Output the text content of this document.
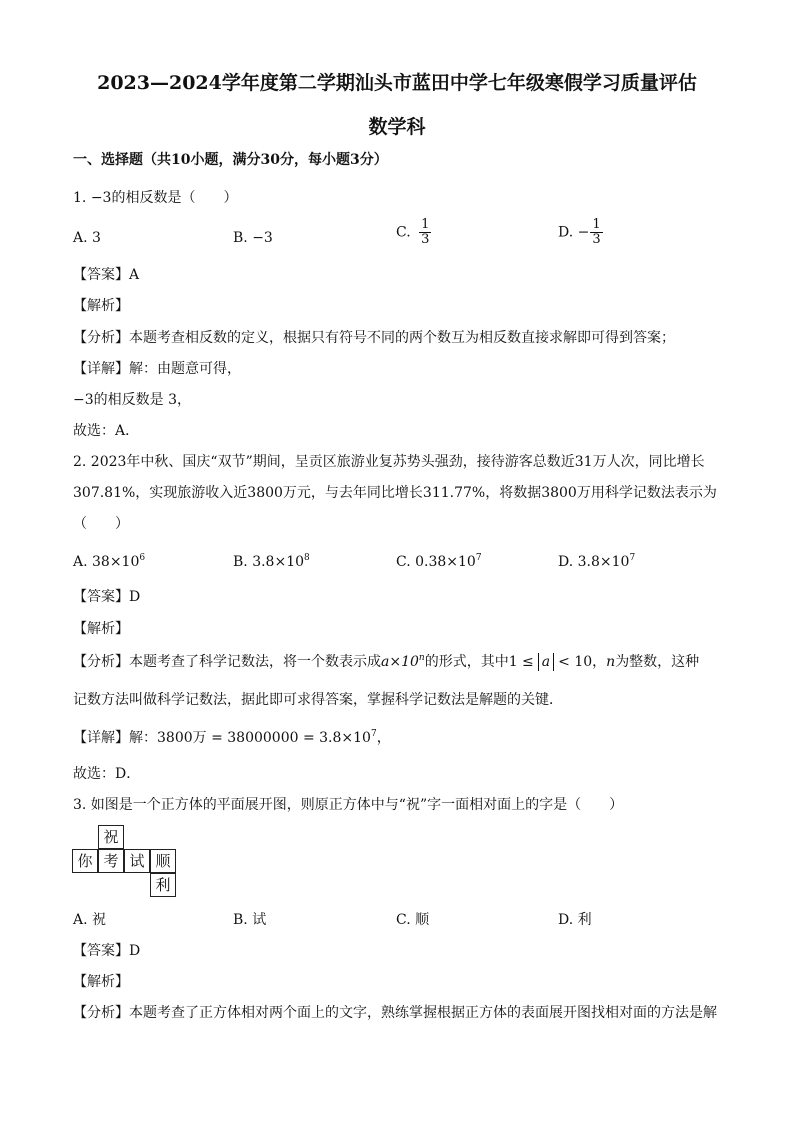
2023—2024学年度第二学期汕头市蓝田中学七年级寒假学习质量评估
数学科
一、选择题（共10小题，满分30分，每小题3分）
1. −3的相反数是（　　）
A. 3	B. −3	C. $\frac{1}{3}$	D. − $\frac{1}{3}$
【答案】A
【解析】
【分析】本题考查相反数的定义，根据只有符号不同的两个数互为相反数直接求解即可得到答案；
【详解】解：由题意可得，
−3的相反数是 3，
故选：A．
2. 2023年中秋、国庆“双节”期间，呈贡区旅游业复苏势头强劲，接待游客总数近31万人次，同比增长
307.81%，实现旅游收入近3800万元，与去年同比增长311.77%，将数据3800万用科学记数法表示为
（　　）
A. $38\times 10^6$	B. $3.8\times 10^8$	C. $0.38\times 10^7$	D. $3.8\times 10^7$
【答案】D
【解析】
【分析】本题考查了科学记数法，将一个数表示成$a\times 10^n$的形式，其中1 ≤ a < 10，n为整数，这种
记数方法叫做科学记数法，据此即可求得答案，掌握科学记数法是解题的关键．
【详解】解：3800万 = $38000000 = 3.8\times 10^7$，
故选：D．
3. 如图是一个正方体的平面展开图，则原正方体中与“祝”字一面相对面上的字是（　　）
祝
你 考 试 顺
利
A. 祝	B. 试	C. 顺	D. 利
【答案】D
【解析】
【分析】本题考查了正方体相对两个面上的文字，熟练掌握根据正方体的表面展开图找相对面的方法是解
